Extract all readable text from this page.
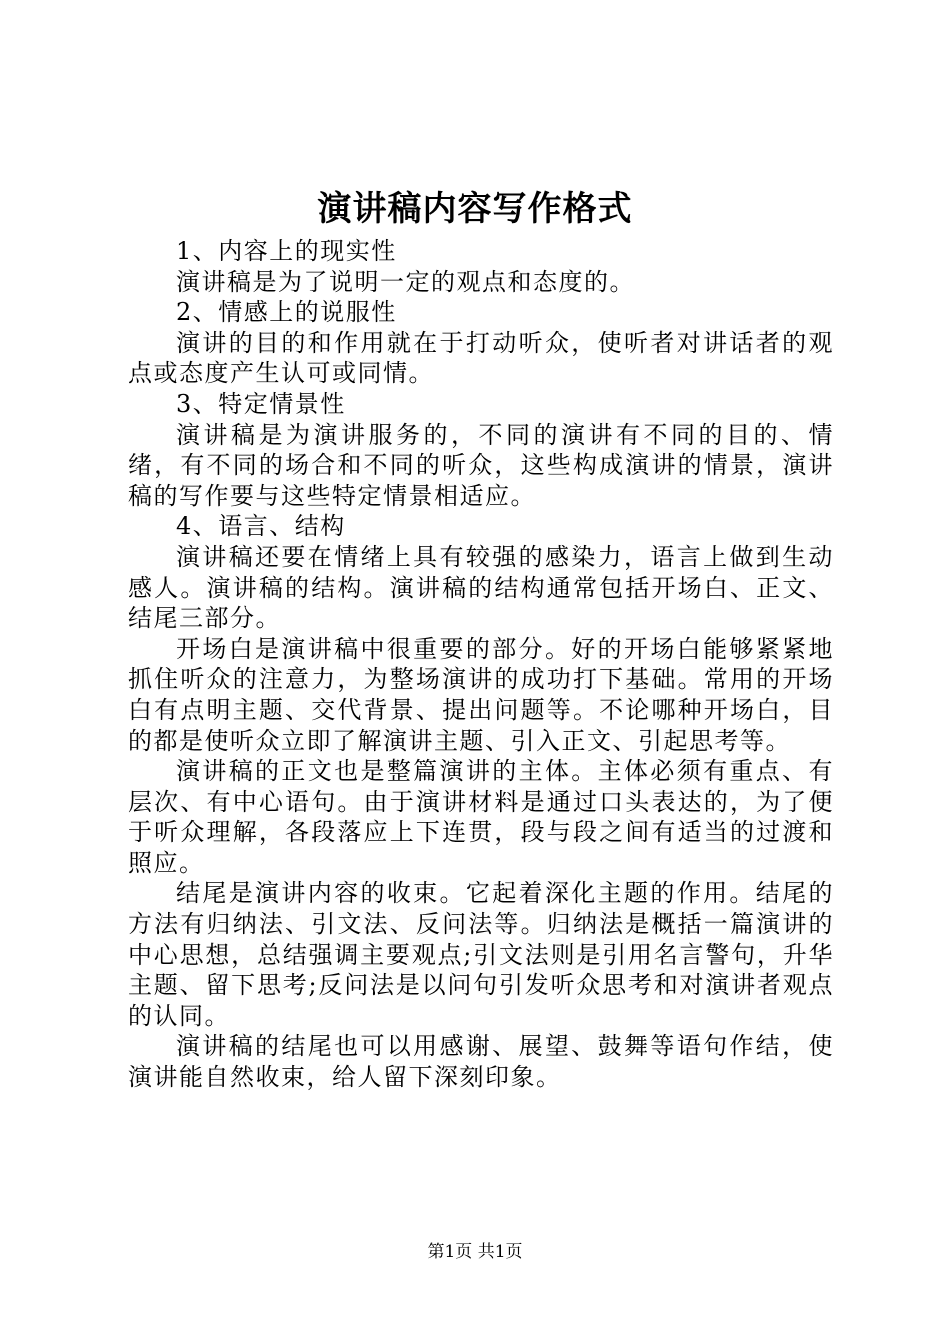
演讲稿内容写作格式

1、内容上的现实性

演讲稿是为了说明一定的观点和态度的。

2、情感上的说服性

演讲的目的和作用就在于打动听众，使听者对讲话者的观点或态度产生认可或同情。

3、特定情景性

演讲稿是为演讲服务的，不同的演讲有不同的目的、情绪，有不同的场合和不同的听众，这些构成演讲的情景，演讲稿的写作要与这些特定情景相适应。

4、语言、结构

演讲稿还要在情绪上具有较强的感染力，语言上做到生动感人。演讲稿的结构。演讲稿的结构通常包括开场白、正文、结尾三部分。

开场白是演讲稿中很重要的部分。好的开场白能够紧紧地抓住听众的注意力，为整场演讲的成功打下基础。常用的开场白有点明主题、交代背景、提出问题等。不论哪种开场白，目的都是使听众立即了解演讲主题、引入正文、引起思考等。

演讲稿的正文也是整篇演讲的主体。主体必须有重点、有层次、有中心语句。由于演讲材料是通过口头表达的，为了便于听众理解，各段落应上下连贯，段与段之间有适当的过渡和照应。

结尾是演讲内容的收束。它起着深化主题的作用。结尾的方法有归纳法、引文法、反问法等。归纳法是概括一篇演讲的中心思想，总结强调主要观点;引文法则是引用名言警句，升华主题、留下思考;反问法是以问句引发听众思考和对演讲者观点的认同。

演讲稿的结尾也可以用感谢、展望、鼓舞等语句作结，使演讲能自然收束，给人留下深刻印象。

第1页 共1页
